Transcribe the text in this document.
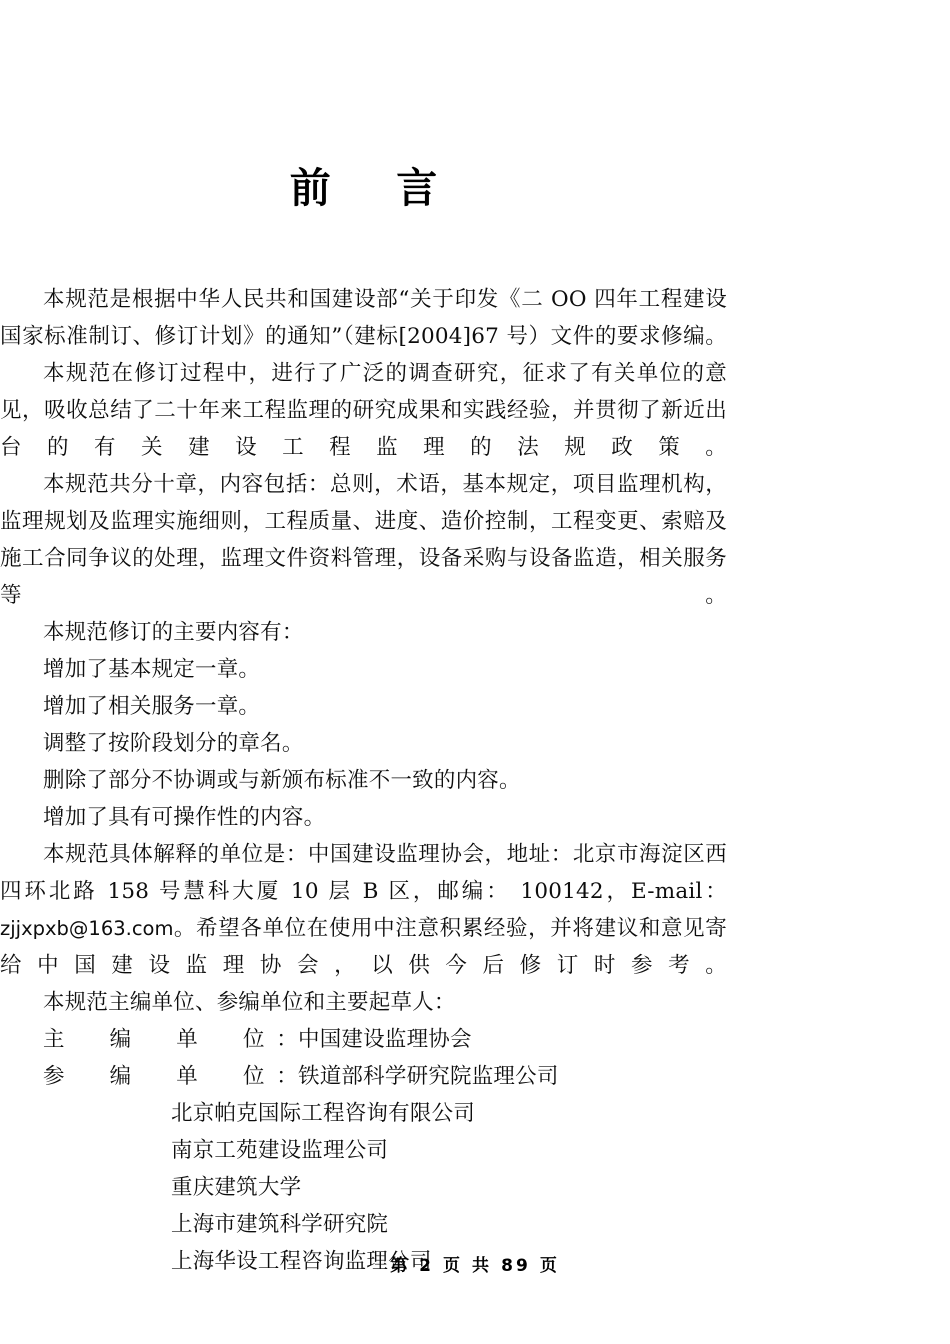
前　言

本规范是根据中华人民共和国建设部“关于印发《二 OO 四年工程建设国家标准制订、修订计划》的通知”（建标[2004]67 号）文件的要求修编。

本规范在修订过程中，进行了广泛的调查研究，征求了有关单位的意见，吸收总结了二十年来工程监理的研究成果和实践经验，并贯彻了新近出台的有关建设工程监理的法规政策。

本规范共分十章，内容包括：总则，术语，基本规定，项目监理机构，监理规划及监理实施细则，工程质量、进度、造价控制，工程变更、索赔及施工合同争议的处理，监理文件资料管理，设备采购与设备监造，相关服务等。

本规范修订的主要内容有：

增加了基本规定一章。

增加了相关服务一章。

调整了按阶段划分的章名。

删除了部分不协调或与新颁布标准不一致的内容。

增加了具有可操作性的内容。

本规范具体解释的单位是：中国建设监理协会，地址：北京市海淀区西四环北路 158 号慧科大厦 10 层 B 区，邮编： 100142，E-mail： zjjxpxb@163.com。希望各单位在使用中注意积累经验，并将建议和意见寄给中国建设监理协会，以供今后修订时参考。

本规范主编单位、参编单位和主要起草人：

主　编　单　位：中国建设监理协会
参　编　单　位：铁道部科学研究院监理公司

北京帕克国际工程咨询有限公司

南京工苑建设监理公司

重庆建筑大学

上海市建筑科学研究院

上海华设工程咨询监理公司

第 2 页 共 89 页
